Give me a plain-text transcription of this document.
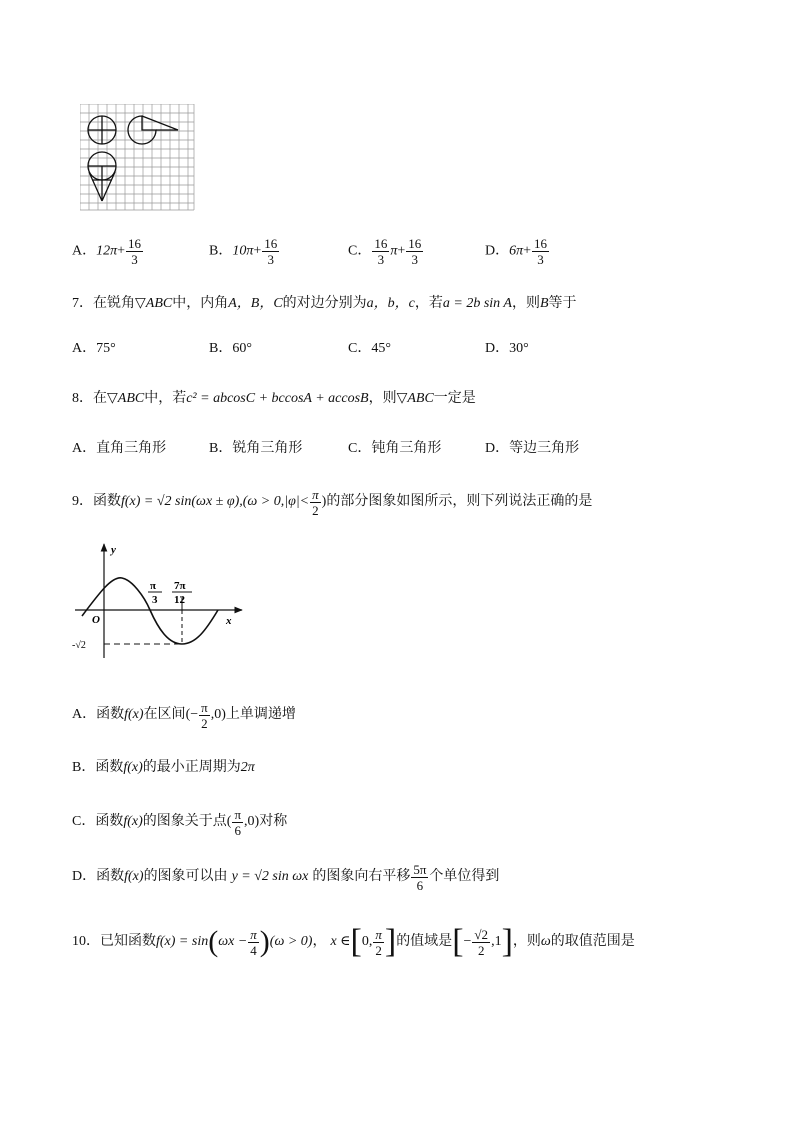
A．$12\pi+ \frac{16}{3}$	B．$10\pi+ \frac{16}{3}$	C． $\frac{16}{3} \pi+ \frac{16}{3}$	D．$6\pi+ \frac{16}{3}$
7．在锐角▽ABC中，内角A，B，C的对边分别为a，b，c，若a = 2b sin A，则B等于
A．75°	B．60°	C．45°	D．30°
8．在▽ABC中，若c² = abcosC + bccosA + accosB，则▽ABC一定是
A．直角三角形	B．锐角三角形	C．钝角三角形	D．等边三角形
9．函数 f(x) = √2 $\sin(\omega x \pm \varphi),(\omega > 0,|\varphi|< \frac{\pi}{2}$ ) 的部分图象如图所示，则下列说法正确的是
y
x
O
π
3
7π
12
-√2
A．函数 f(x) 在区间 (− $\frac{\pi}{2} ,0$) 上单调递增
B．函数f(x)的最小正周期为2π
C．函数 f(x) 的图象关于点 ( $\frac{\pi}{6} ,0$) 对称
D．函数 f(x) 的图象可以由 y = √2 sin ωx 的图象向右平移 $\frac{5\pi}{6}$ 个单位得到
10．已知函数 f(x) = sin ( $\omega x - \frac{\pi}{4}$ ) (ω > 0) ， x ∈ [ 0, $\frac{\pi}{2}$ ] 的值域是 [ − $\frac{√2}{2} ,1$ ] ，则 ω 的取值范围是
